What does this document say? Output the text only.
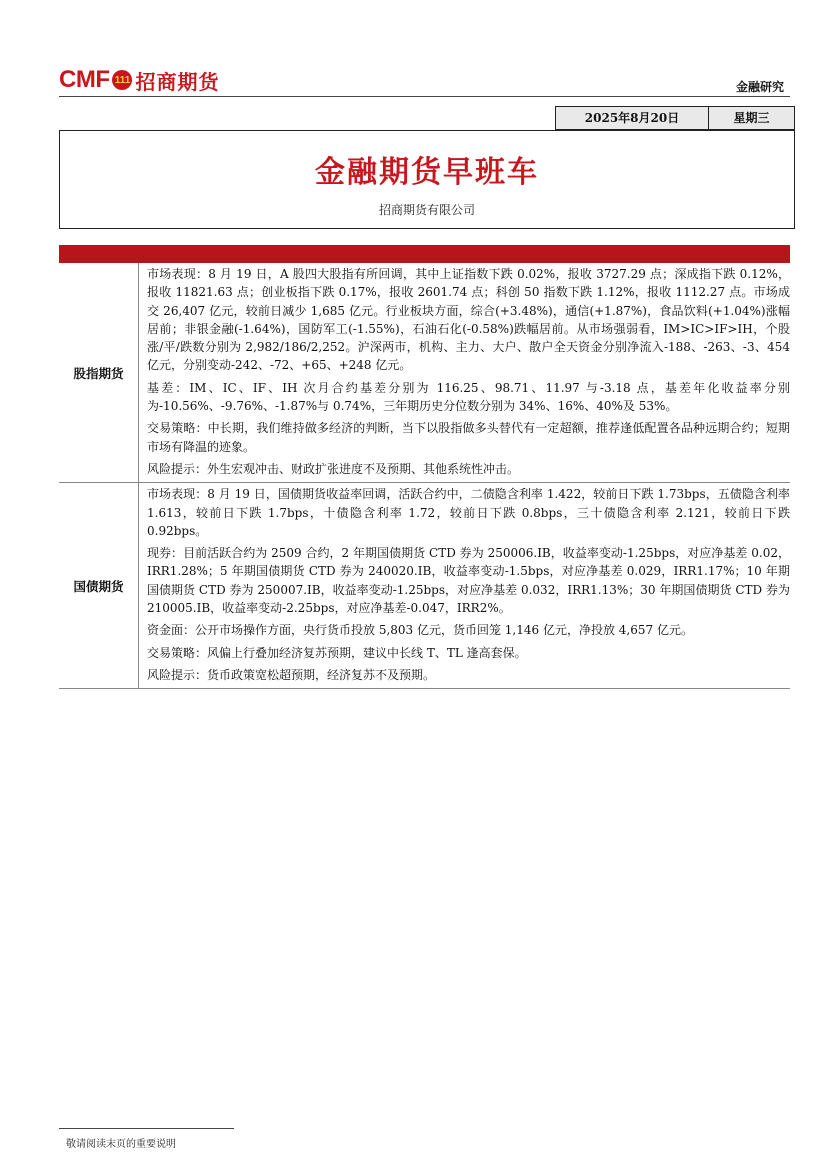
CMF 111 招商期货	金融研究
2025年8月20日	星期三
金融期货早班车
招商期货有限公司
股指期货	市场表现：8 月 19 日，A 股四大股指有所回调，其中上证指数下跌 0.02%，报收 3727.29 点；深成指下跌 0.12%，报收 11821.63 点；创业板指下跌 0.17%，报收 2601.74 点；科创 50 指数下跌 1.12%，报收 1112.27 点。市场成交 26,407 亿元，较前日减少 1,685 亿元。行业板块方面，综合(+3.48%)，通信(+1.87%)，食品饮料(+1.04%)涨幅居前；非银金融(-1.64%)，国防军工(-1.55%)，石油石化(-0.58%)跌幅居前。从市场强弱看，IM>IC>IF>IH，个股涨/平/跌数分别为 2,982/186/2,252。沪深两市，机构、主力、大户、散户全天资金分别净流入-188、-263、-3、454 亿元，分别变动-242、-72、+65、+248 亿元。

基差：IM、IC、IF、IH 次月合约基差分别为 116.25、98.71、11.97 与-3.18 点，基差年化收益率分别为-10.56%、-9.76%、-1.87%与 0.74%，三年期历史分位数分别为 34%、16%、40%及 53%。

交易策略：中长期，我们维持做多经济的判断，当下以股指做多头替代有一定超额，推荐逢低配置各品种远期合约；短期市场有降温的迹象。

风险提示：外生宏观冲击、财政扩张进度不及预期、其他系统性冲击。

国债期货	市场表现：8 月 19 日，国债期货收益率回调，活跃合约中，二债隐含利率 1.422，较前日下跌 1.73bps，五债隐含利率 1.613，较前日下跌 1.7bps，十债隐含利率 1.72，较前日下跌 0.8bps，三十债隐含利率 2.121，较前日下跌 0.92bps。

现券：目前活跃合约为 2509 合约，2 年期国债期货 CTD 券为 250006.IB，收益率变动-1.25bps，对应净基差 0.02，IRR1.28%；5 年期国债期货 CTD 券为 240020.IB，收益率变动-1.5bps，对应净基差 0.029，IRR1.17%；10 年期国债期货 CTD 券为 250007.IB，收益率变动-1.25bps，对应净基差 0.032，IRR1.13%；30 年期国债期货 CTD 券为 210005.IB，收益率变动-2.25bps，对应净基差-0.047，IRR2%。

资金面：公开市场操作方面，央行货币投放 5,803 亿元，货币回笼 1,146 亿元，净投放 4,657 亿元。

交易策略：风偏上行叠加经济复苏预期，建议中长线 T、TL 逢高套保。

风险提示：货币政策宽松超预期，经济复苏不及预期。

敬请阅读末页的重要说明
